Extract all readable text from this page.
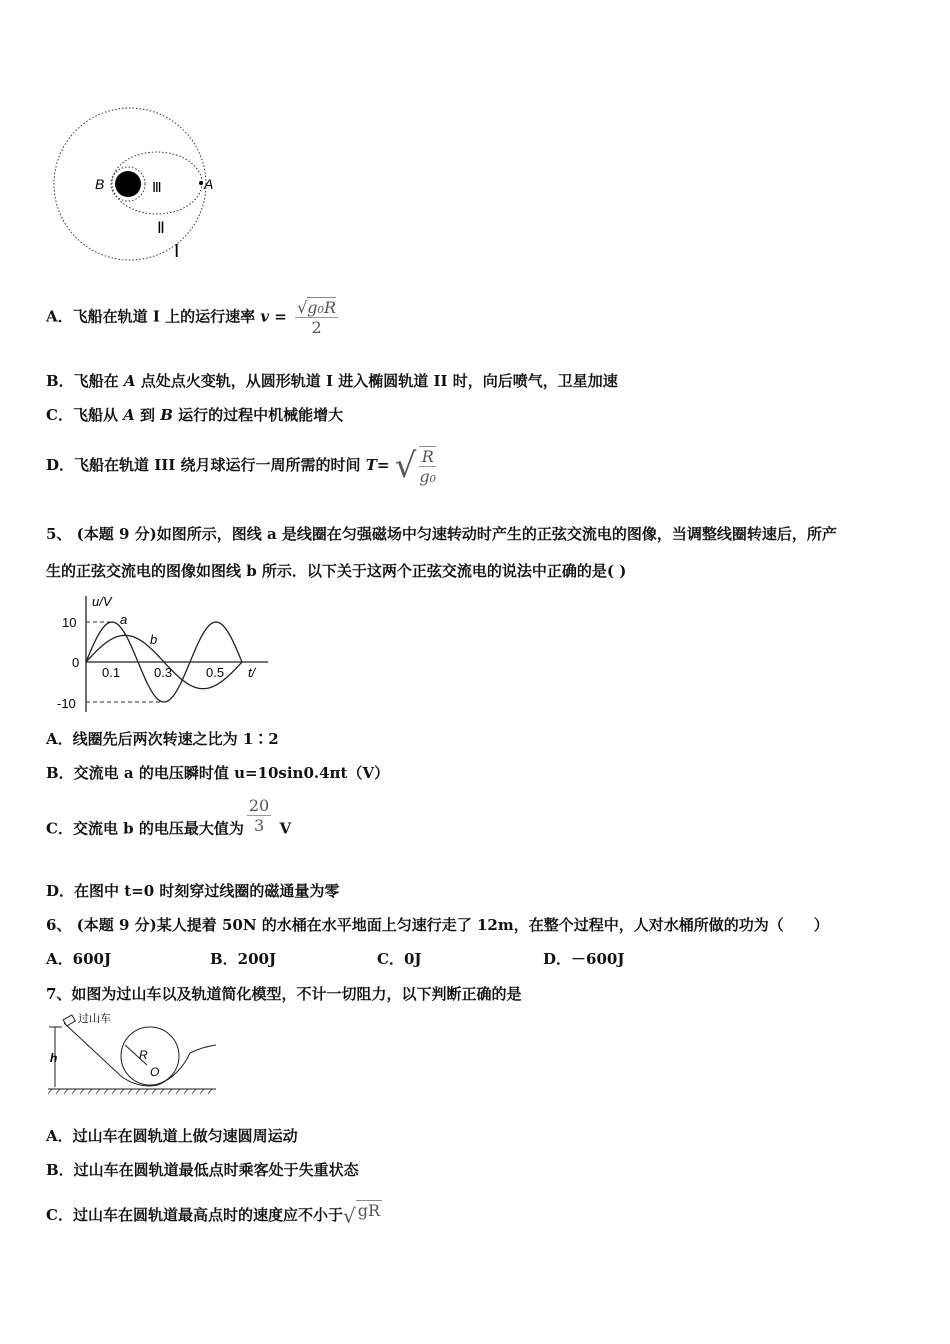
B	A
Ⅲ
Ⅱ
Ⅰ
A．飞船在轨道 I 上的运行速率 $v = \frac{\text{√g₀R}}{2}$
B．飞船在 A 点处点火变轨，从圆形轨道 I 进入椭圆轨道 II 时，向后喷气，卫星加速
C．飞船从 A 到 B 运行的过程中机械能增大
D．飞船在轨道 III 绕月球运行一周所需的时间 T= √ $\frac{R}{\text{g₀}}$
5、 (本题 9 分)如图所示，图线 a 是线圈在匀强磁场中匀速转动时产生的正弦交流电的图像，当调整线圈转速后，所产
生的正弦交流电的图像如图线 b 所示．以下关于这两个正弦交流电的说法中正确的是( )
u/V
t/
10
0
-10
0.1	0.3	0.5
a
b
A．线圈先后两次转速之比为 1∶2
B．交流电 a 的电压瞬时值 u=10sin0.4πt（V）
C．交流电 b 的电压最大值为 $\frac{20}{3}$ V
D．在图中 t=0 时刻穿过线圈的磁通量为零
6、 (本题 9 分)某人提着 50N 的水桶在水平地面上匀速行走了 12m，在整个过程中，人对水桶所做的功为（　　）
A．600J	B．200J	C．0J	D．－600J
7、如图为过山车以及轨道简化模型，不计一切阻力，以下判断正确的是
过山车
h	R
O
A．过山车在圆轨道上做匀速圆周运动
B．过山车在圆轨道最低点时乘客处于失重状态
C．过山车在圆轨道最高点时的速度应不小于√ gR
